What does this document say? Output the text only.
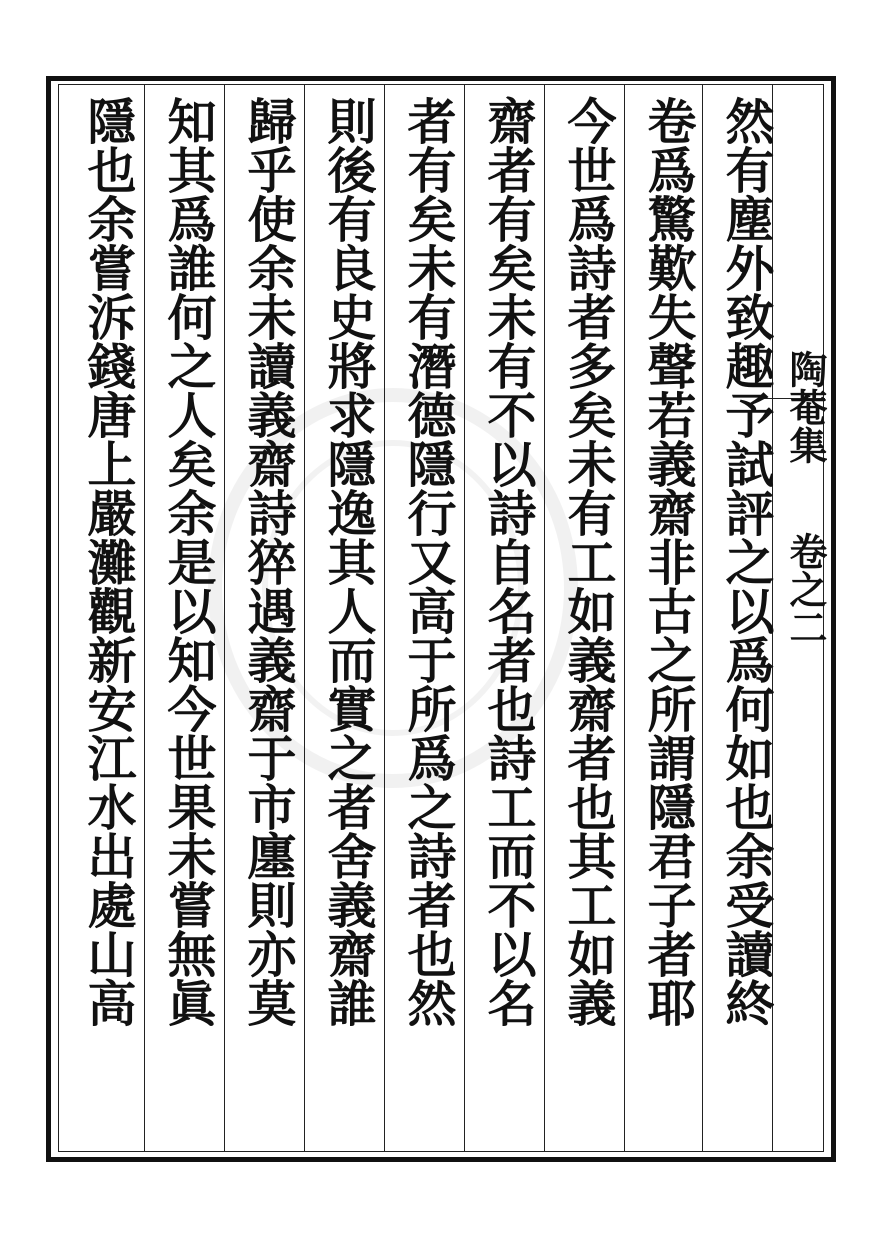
陶菴集
卷之二
然有塵外致趣予試評之以爲何如也余受讀終
卷爲驚歎失聲若義齋非古之所謂隱君子者耶
今世爲詩者多矣未有工如義齋者也其工如義
齋者有矣未有不以詩自名者也詩工而不以名
者有矣未有潛德隱行又高于所爲之詩者也然
則後有良史將求隱逸其人而實之者舍義齋誰
歸乎使余未讀義齋詩猝遇義齋于市廛則亦莫
知其爲誰何之人矣余是以知今世果未嘗無眞
隱也余嘗泝錢唐上嚴灘觀新安江水出處山高
